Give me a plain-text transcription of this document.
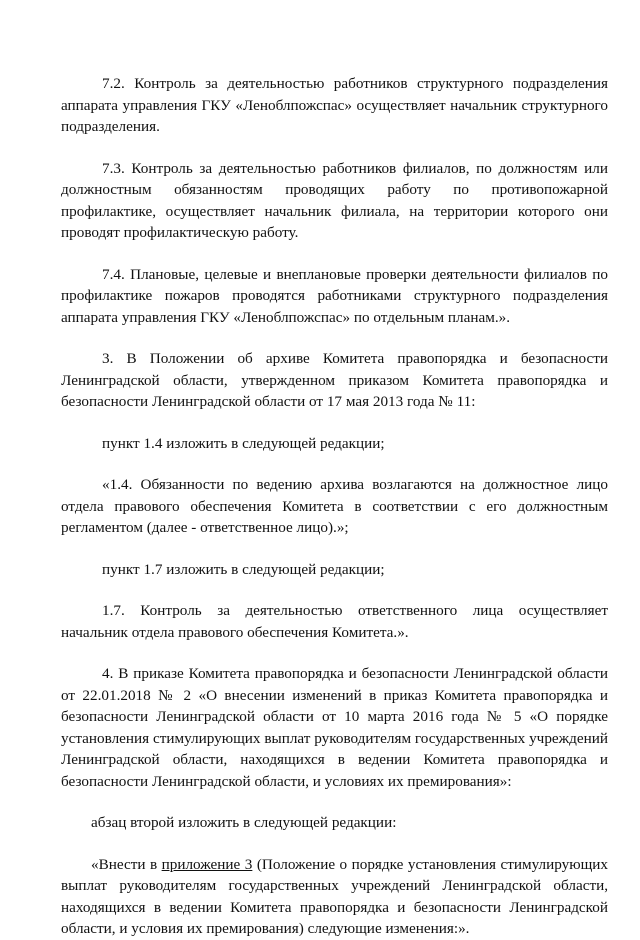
7.2. Контроль за деятельностью работников структурного подразделения аппарата управления ГКУ «Леноблпожспас» осуществляет начальник структурного подразделения.

7.3. Контроль за деятельностью работников филиалов, по должностям или должностным обязанностям проводящих работу по противопожарной профилактике, осуществляет начальник филиала, на территории которого они проводят профилактическую работу.

7.4. Плановые, целевые и внеплановые проверки деятельности филиалов по профилактике пожаров проводятся работниками структурного подразделения аппарата управления ГКУ «Леноблпожспас» по отдельным планам.».

3. В Положении об архиве Комитета правопорядка и безопасности Ленинградской области, утвержденном приказом Комитета правопорядка и безопасности Ленинградской области от 17 мая 2013 года № 11:

пункт 1.4 изложить в следующей редакции;

«1.4. Обязанности по ведению архива возлагаются на должностное лицо отдела правового обеспечения Комитета в соответствии с его должностным регламентом (далее - ответственное лицо).»;

пункт 1.7 изложить в следующей редакции;

1.7. Контроль за деятельностью ответственного лица осуществляет начальник отдела правового обеспечения Комитета.».

4. В приказе Комитета правопорядка и безопасности Ленинградской области от 22.01.2018 № 2 «О внесении изменений в приказ Комитета правопорядка и безопасности Ленинградской области от 10 марта 2016 года № 5 «О порядке установления стимулирующих выплат руководителям государственных учреждений Ленинградской области, находящихся в ведении Комитета правопорядка и безопасности Ленинградской области, и условиях их премирования»:

абзац второй изложить в следующей редакции:

«Внести в приложение 3 (Положение о порядке установления стимулирующих выплат руководителям государственных учреждений Ленинградской области, находящихся в ведении Комитета правопорядка и безопасности Ленинградской области, и условия их премирования) следующие изменения:».
